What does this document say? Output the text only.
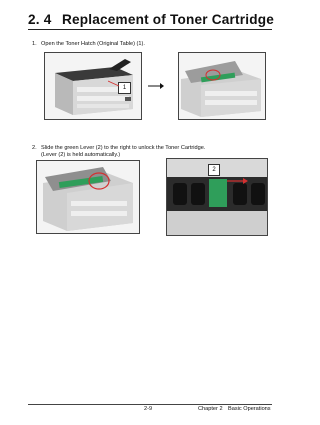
2. 4 Replacement of Toner Cartridge
1. Open the Toner Hatch (Original Table) (1).
1
2. Slide the green Lever (2) to the right to unlock the Toner Cartridge.
(Lever (2) is held automatically.)
2
2-9	Chapter 2 Basic Operations
